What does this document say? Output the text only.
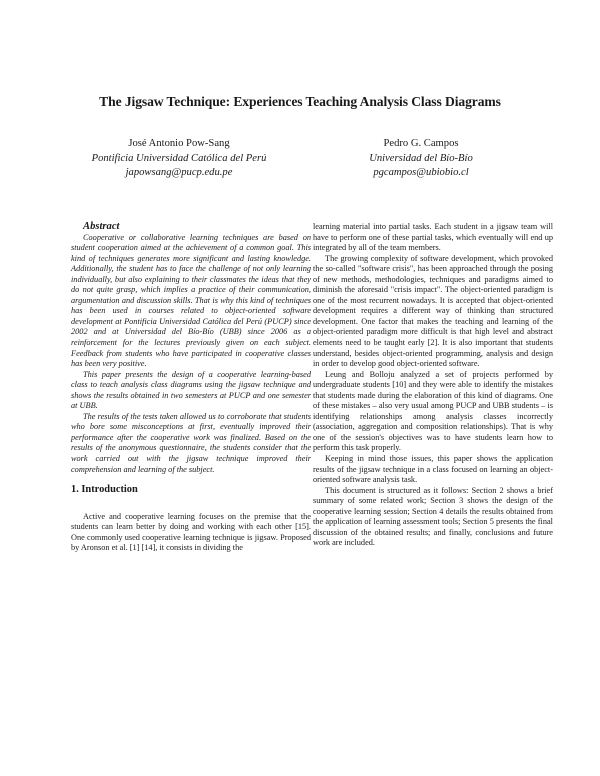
The Jigsaw Technique: Experiences Teaching Analysis Class Diagrams
José Antonio Pow-Sang
Pontificia Universidad Católica del Perú
japowsang@pucp.edu.pe
Pedro G. Campos
Universidad del Bío-Bío
pgcampos@ubiobio.cl

Abstract

Cooperative or collaborative learning techniques are based on student cooperation aimed at the achievement of a common goal. This kind of techniques generates more significant and lasting knowledge. Additionally, the student has to face the challenge of not only learning individually, but also explaining to their classmates the ideas that they do not quite grasp, which implies a practice of their communication, argumentation and discussion skills. That is why this kind of techniques has been used in courses related to object-oriented software development at Pontificia Universidad Católica del Perú (PUCP) since 2002 and at Universidad del Bío-Bío (UBB) since 2006 as a reinforcement for the lectures previously given on each subject. Feedback from students who have participated in cooperative classes has been very positive.

This paper presents the design of a cooperative learning-based class to teach analysis class diagrams using the jigsaw technique and shows the results obtained in two semesters at PUCP and one semester at UBB.

The results of the tests taken allowed us to corroborate that students who bore some misconceptions at first, eventually improved their performance after the cooperative work was finalized. Based on the results of the anonymous questionnaire, the students consider that the work carried out with the jigsaw technique improved their comprehension and learning of the subject.

1. Introduction

Active and cooperative learning focuses on the premise that the students can learn better by doing and working with each other [15]. One commonly used cooperative learning technique is jigsaw. Proposed by Aronson et al. [1] [14], it consists in dividing the

learning material into partial tasks. Each student in a jigsaw team will have to perform one of these partial tasks, which eventually will end up integrated by all of the team members.

The growing complexity of software development, which provoked the so-called "software crisis", has been approached through the posing of new methods, methodologies, techniques and paradigms aimed to diminish the aforesaid "crisis impact". The object-oriented paradigm is one of the most recurrent nowadays. It is accepted that object-oriented development requires a different way of thinking than structured development. One factor that makes the teaching and learning of the object-oriented paradigm more difficult is that high level and abstract elements need to be taught early [2]. It is also important that students understand, besides object-oriented programming, analysis and design in order to develop good object-oriented software.

Leung and Bolloju analyzed a set of projects performed by undergraduate students [10] and they were able to identify the mistakes that students made during the elaboration of this kind of diagrams. One of these mistakes – also very usual among PUCP and UBB students – is identifying relationships among analysis classes incorrectly (association, aggregation and composition relationships). That is why one of the session's objectives was to have students learn how to perform this task properly.

Keeping in mind those issues, this paper shows the application results of the jigsaw technique in a class focused on learning an object-oriented software analysis task.

This document is structured as it follows: Section 2 shows a brief summary of some related work; Section 3 shows the design of the cooperative learning session; Section 4 details the results obtained from the application of learning assessment tools; Section 5 presents the final discussion of the obtained results; and finally, conclusions and future work are included.
